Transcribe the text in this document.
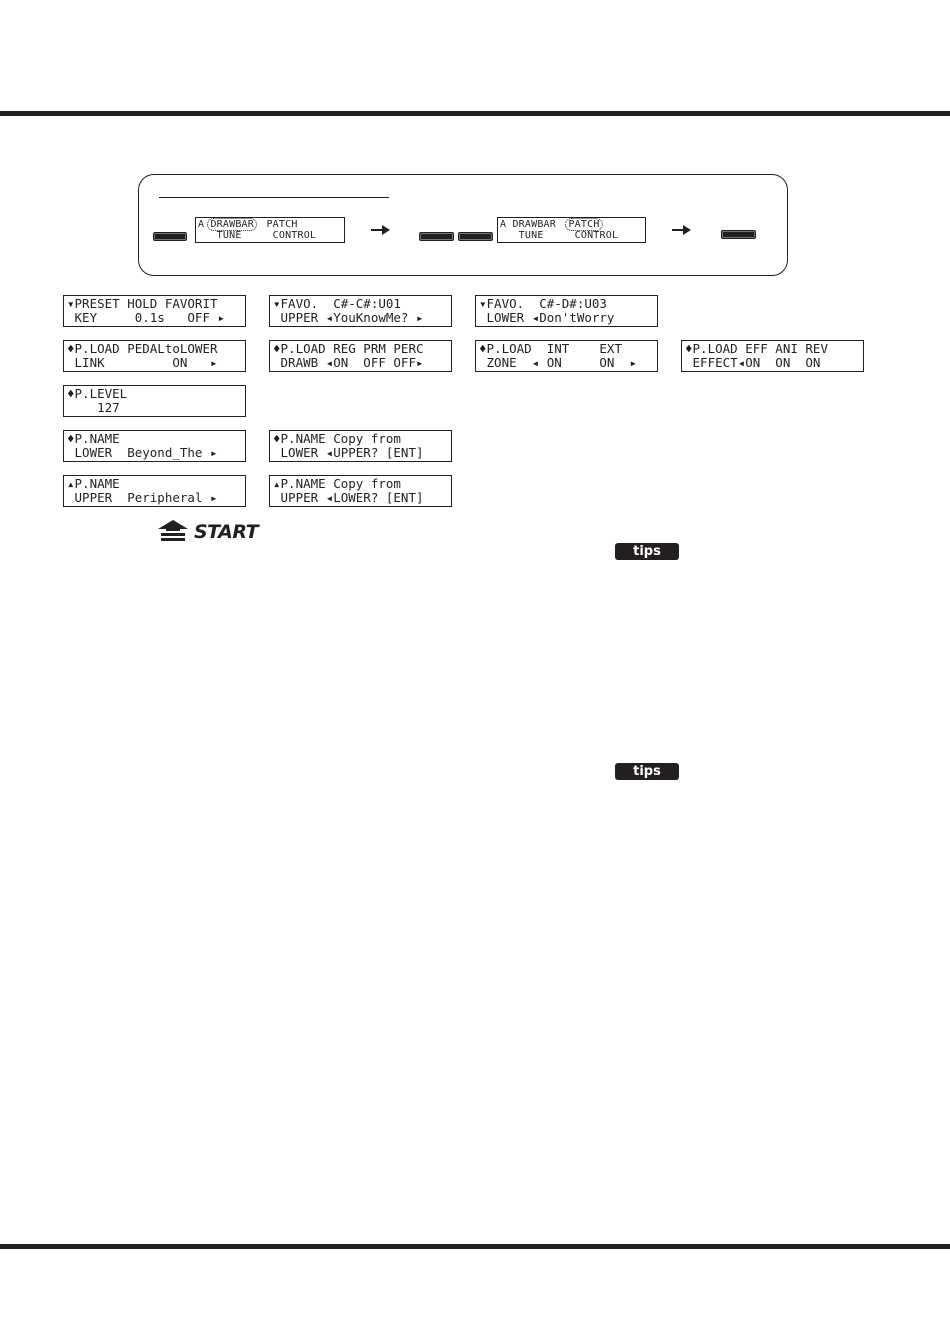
A DRAWBAR  PATCH
TUNE     CONTROL
A DRAWBAR  PATCH
TUNE     CONTROL
▾PRESET HOLD FAVORIT
KEY     0.1s   OFF ▸
▾FAVO.  C#-C#:U01
UPPER ◂YouKnowMe? ▸
▾FAVO.  C#-D#:U03
LOWER ◂Don'tWorry
♦P.LOAD PEDALtoLOWER
LINK         ON   ▸
♦P.LOAD REG PRM PERC
DRAWB ◂ON  OFF OFF▸
♦P.LOAD  INT    EXT
ZONE  ◂ ON     ON  ▸
♦P.LOAD EFF ANI REV
EFFECT◂ON  ON  ON
♦P.LEVEL
127
♦P.NAME
LOWER  Beyond_The ▸
♦P.NAME Copy from
LOWER ◂UPPER? [ENT]
▴P.NAME
UPPER  Peripheral ▸
▴P.NAME Copy from
UPPER ◂LOWER? [ENT]
START
tips
tips
